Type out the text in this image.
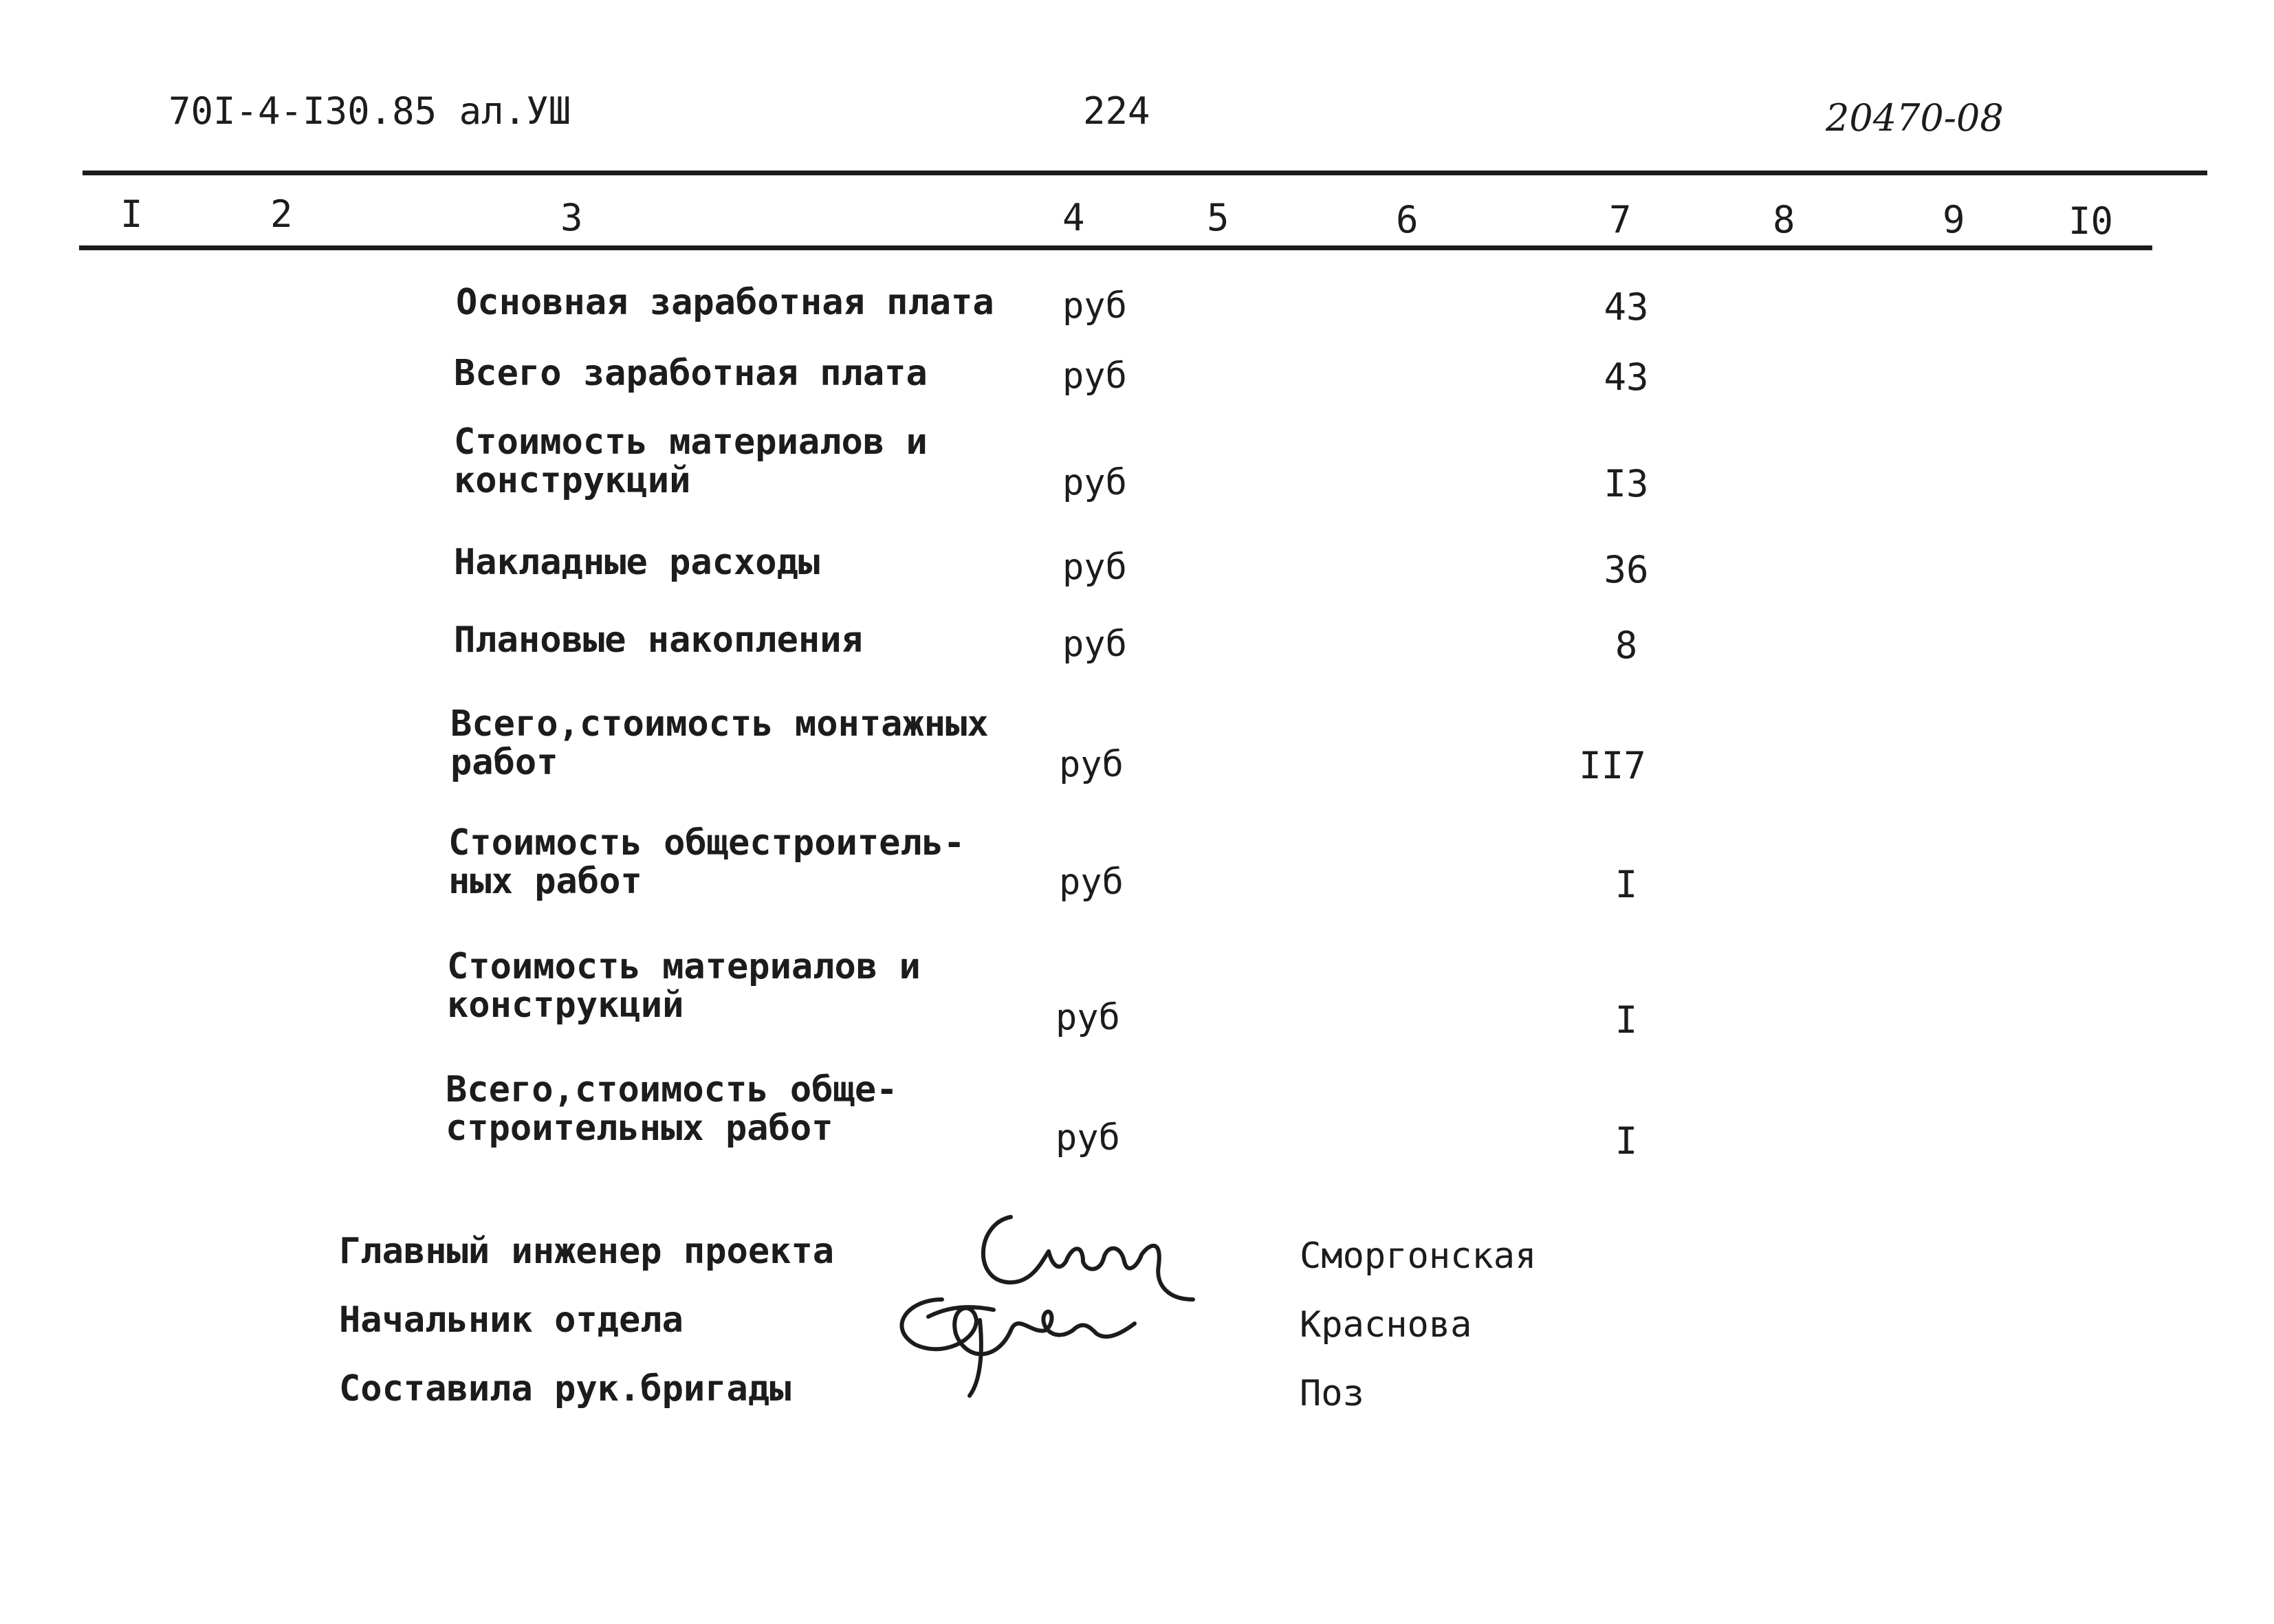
70I-4-I30.85 ал.УШ	224	20470-08
I	2	3	4	5	6	7	8	9	I0
Основная заработная плата руб	43
Всего заработная плата	руб	43
Стоимость материалов и
конструкций	руб	I3
Накладные расходы	руб	36
Плановые накопления	руб	8
Всего,стоимость монтажных
работ	руб	II7
Стоимость общестроитель-
ных работ	руб	I
Стоимость материалов и
конструкций	руб	I
Всего,стоимость обще-
строительных работ	руб	I
Главный инженер проекта	Сморгонская
Начальник отдела	Краснова
Составила рук.бригады	Поз
